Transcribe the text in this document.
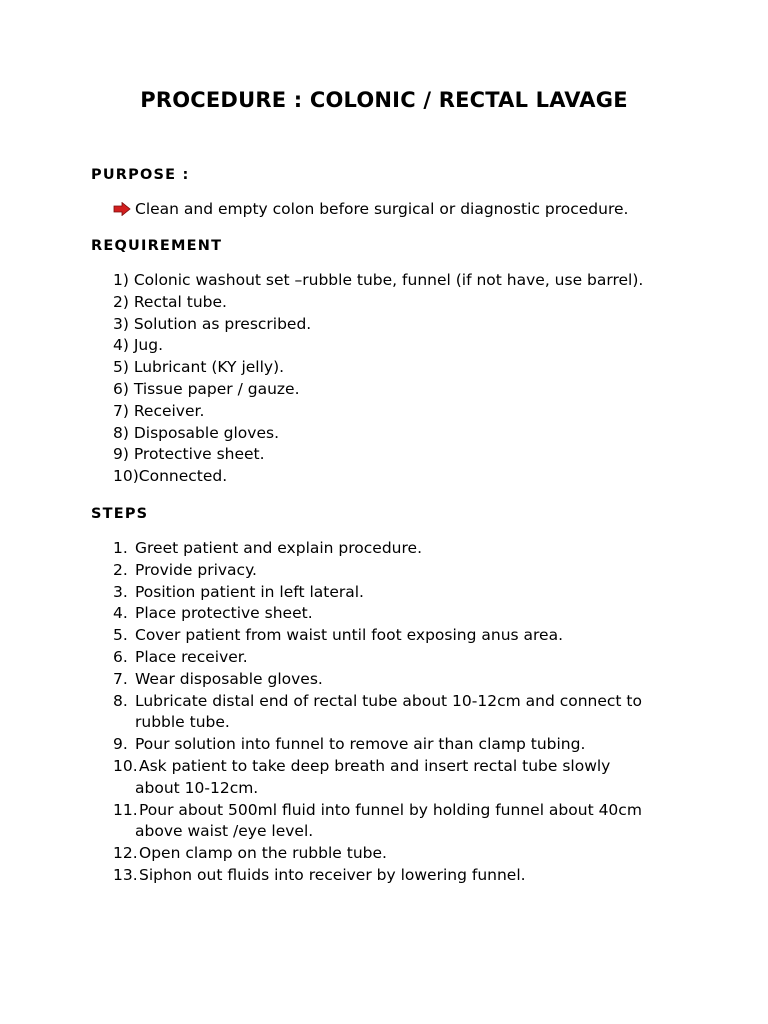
PROCEDURE : COLONIC / RECTAL LAVAGE
PURPOSE :
Clean and empty colon before surgical or diagnostic procedure.
REQUIREMENT
1) Colonic washout set –rubble tube, funnel (if not have, use barrel).
2) Rectal tube.
3) Solution as prescribed.
4) Jug.
5) Lubricant (KY jelly).
6) Tissue paper / gauze.
7) Receiver.
8) Disposable gloves.
9) Protective sheet.
10)Connected.
STEPS
1. Greet patient and explain procedure.
2. Provide privacy.
3. Position patient in left lateral.
4. Place protective sheet.
5. Cover patient from waist until foot exposing anus area.
6. Place receiver.
7. Wear disposable gloves.
8. Lubricate distal end of rectal tube about 10-12cm and connect to
rubble tube.
9. Pour solution into funnel to remove air than clamp tubing.
10. Ask patient to take deep breath and insert rectal tube slowly
about 10-12cm.
11. Pour about 500ml fluid into funnel by holding funnel about 40cm
above waist /eye level.
12. Open clamp on the rubble tube.
13. Siphon out fluids into receiver by lowering funnel.
